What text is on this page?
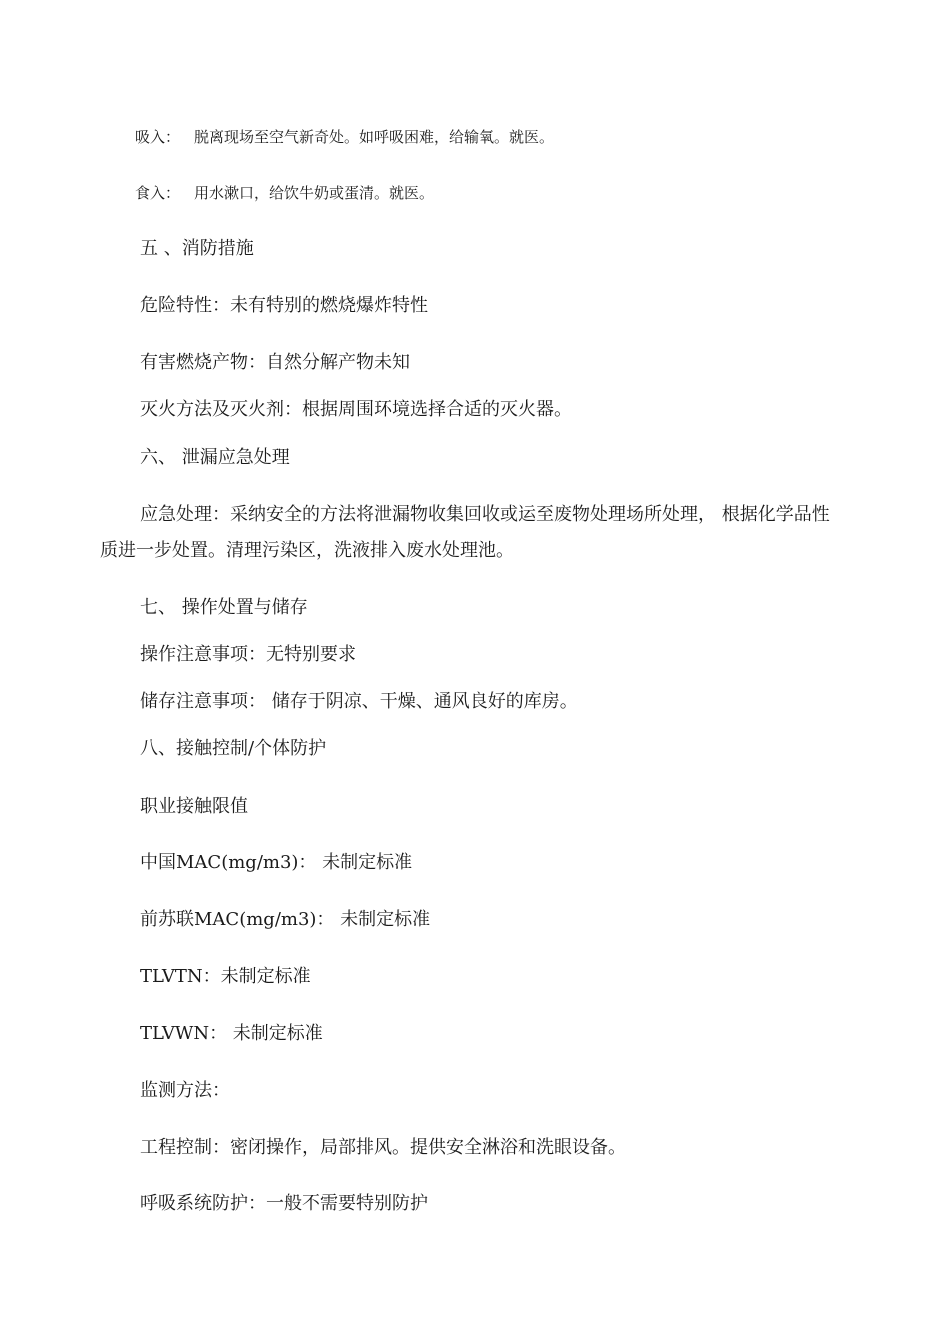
吸入： 脱离现场至空气新奇处。如呼吸困难，给输氧。就医。
食入： 用水漱口，给饮牛奶或蛋清。就医。
五 、消防措施
危险特性：未有特别的燃烧爆炸特性
有害燃烧产物：自然分解产物未知
灭火方法及灭火剂：根据周围环境选择合适的灭火器。
六、 泄漏应急处理
应急处理：采纳安全的方法将泄漏物收集回收或运至废物处理场所处理， 根据化学品性质进一步处置。清理污染区，洗液排入废水处理池。
七、 操作处置与储存
操作注意事项：无特别要求
储存注意事项： 储存于阴凉、干燥、通风良好的库房。
八、接触控制/个体防护
职业接触限值
中国MAC(mg/m3)： 未制定标准
前苏联MAC(mg/m3)： 未制定标准
TLVTN：未制定标准
TLVWN： 未制定标准
监测方法：
工程控制：密闭操作，局部排风。提供安全淋浴和洗眼设备。
呼吸系统防护：一般不需要特别防护
